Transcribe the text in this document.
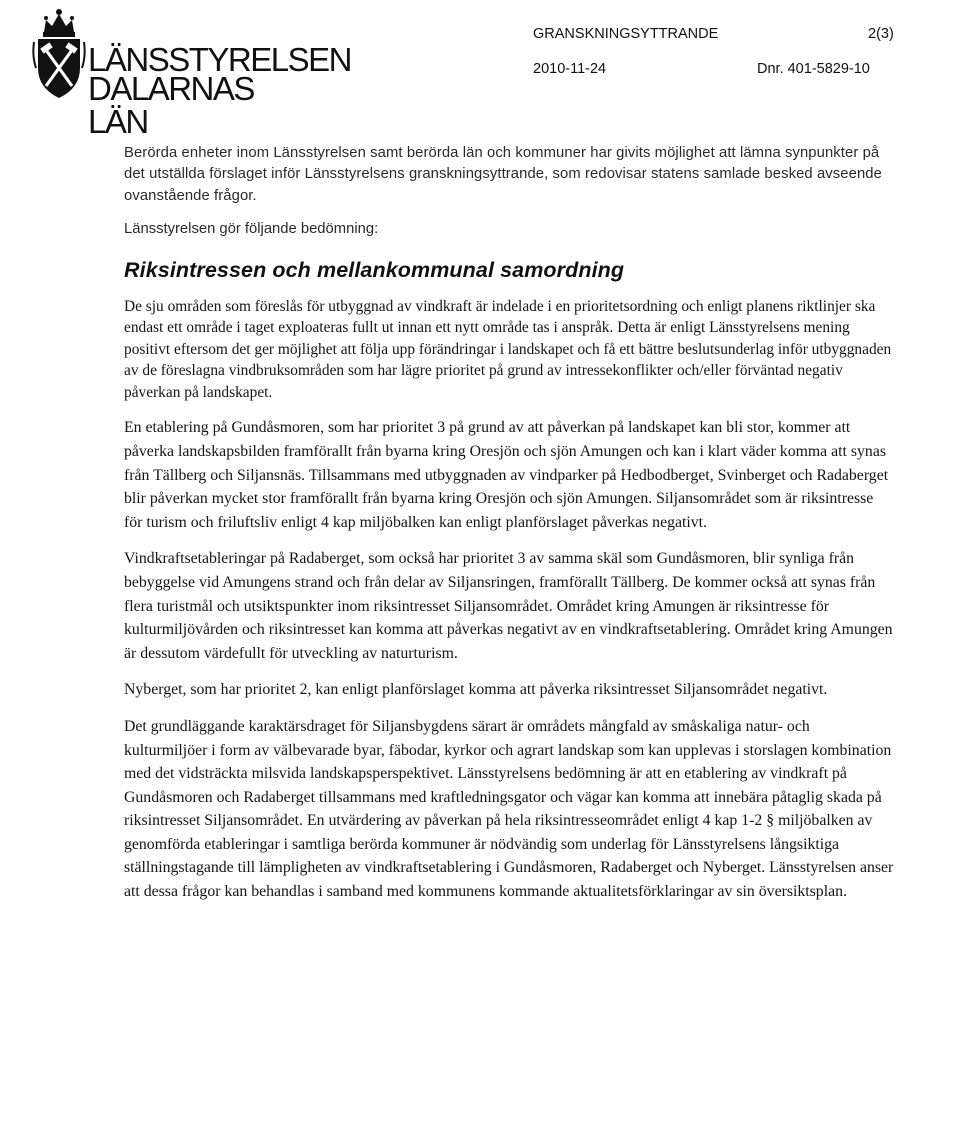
LÄNSSTYRELSEN
DALARNAS LÄN
GRANSKNINGSYTTRANDE	2(3)
2010-11-24	Dnr. 401-5829-10

Berörda enheter inom Länsstyrelsen samt berörda län och kommuner har givits möjlighet att lämna synpunkter på det utställda förslaget inför Länsstyrelsens granskningsyttrande, som redovisar statens samlade besked avseende ovanstående frågor.

Länsstyrelsen gör följande bedömning:

Riksintressen och mellankommunal samordning

De sju områden som föreslås för utbyggnad av vindkraft är indelade i en prioritetsordning och enligt planens riktlinjer ska endast ett område i taget exploateras fullt ut innan ett nytt område tas i anspråk. Detta är enligt Länsstyrelsens mening positivt eftersom det ger möjlighet att följa upp förändringar i landskapet och få ett bättre beslutsunderlag inför utbyggnaden av de föreslagna vindbruksområden som har lägre prioritet på grund av intressekonflikter och/eller förväntad negativ påverkan på landskapet.

En etablering på Gundåsmoren, som har prioritet 3 på grund av att påverkan på landskapet kan bli stor, kommer att påverka landskapsbilden framförallt från byarna kring Oresjön och sjön Amungen och kan i klart väder komma att synas från Tällberg och Siljansnäs. Tillsammans med utbyggnaden av vindparker på Hedbodberget, Svinberget och Radaberget blir påverkan mycket stor framförallt från byarna kring Oresjön och sjön Amungen. Siljansområdet som är riksintresse för turism och friluftsliv enligt 4 kap miljöbalken kan enligt planförslaget påverkas negativt.

Vindkraftsetableringar på Radaberget, som också har prioritet 3 av samma skäl som Gundåsmoren, blir synliga från bebyggelse vid Amungens strand och från delar av Siljansringen, framförallt Tällberg. De kommer också att synas från flera turistmål och utsiktspunkter inom riksintresset Siljansområdet. Området kring Amungen är riksintresse för kulturmiljövården och riksintresset kan komma att påverkas negativt av en vindkraftsetablering. Området kring Amungen är dessutom värdefullt för utveckling av naturturism.

Nyberget, som har prioritet 2, kan enligt planförslaget komma att påverka riksintresset Siljansområdet negativt.

Det grundläggande karaktärsdraget för Siljansbygdens särart är områdets mångfald av småskaliga natur- och kulturmiljöer i form av välbevarade byar, fäbodar, kyrkor och agrart landskap som kan upplevas i storslagen kombination med det vidsträckta milsvida landskapsperspektivet. Länsstyrelsens bedömning är att en etablering av vindkraft på Gundåsmoren och Radaberget tillsammans med kraftledningsgator och vägar kan komma att innebära påtaglig skada på riksintresset Siljansområdet. En utvärdering av påverkan på hela riksintresseområdet enligt 4 kap 1-2 § miljöbalken av genomförda etableringar i samtliga berörda kommuner är nödvändig som underlag för Länsstyrelsens långsiktiga ställningstagande till lämpligheten av vindkraftsetablering i Gundåsmoren, Radaberget och Nyberget. Länsstyrelsen anser att dessa frågor kan behandlas i samband med kommunens kommande aktualitetsförklaringar av sin översiktsplan.
